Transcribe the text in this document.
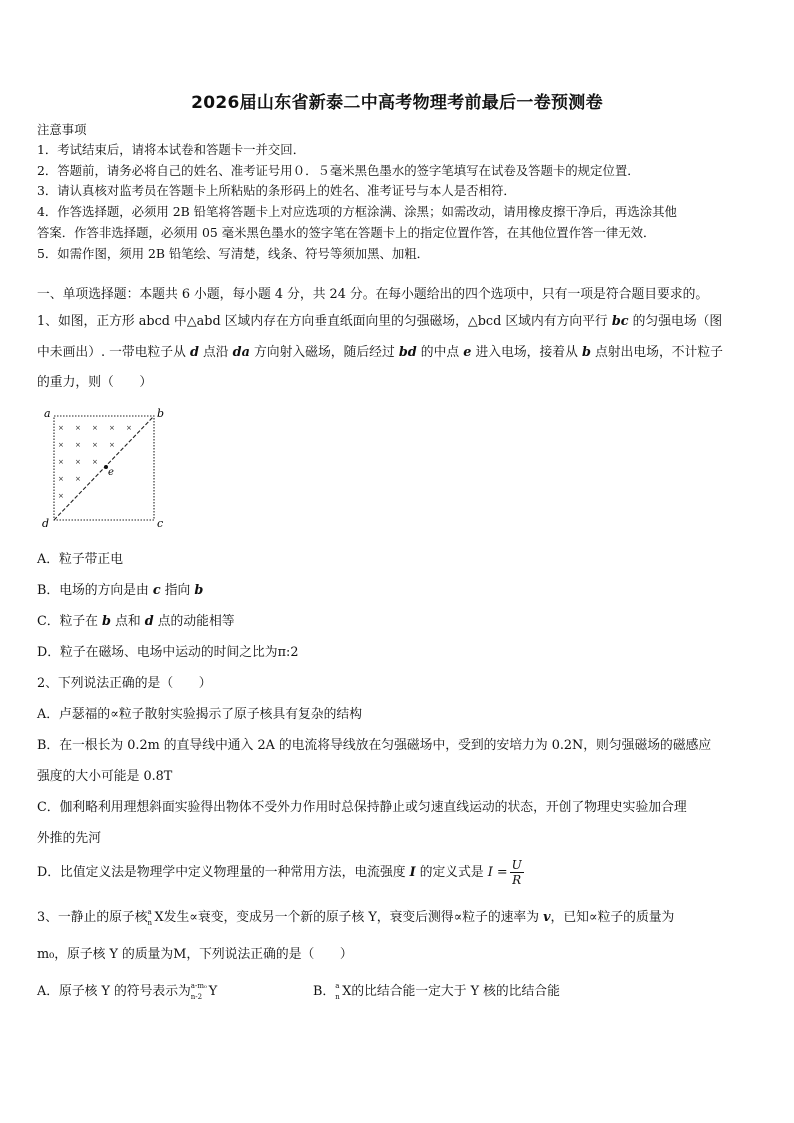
2026届山东省新泰二中高考物理考前最后一卷预测卷
注意事项
1．考试结束后，请将本试卷和答题卡一并交回．
2．答题前，请务必将自己的姓名、准考证号用０．５毫米黑色墨水的签字笔填写在试卷及答题卡的规定位置．
3．请认真核对监考员在答题卡上所粘贴的条形码上的姓名、准考证号与本人是否相符．
4．作答选择题，必须用 2B 铅笔将答题卡上对应选项的方框涂满、涂黑；如需改动，请用橡皮擦干净后，再选涂其他
答案．作答非选择题，必须用 05 毫米黑色墨水的签字笔在答题卡上的指定位置作答，在其他位置作答一律无效．
5．如需作图，须用 2B 铅笔绘、写清楚，线条、符号等须加黑、加粗．
一、单项选择题：本题共 6 小题，每小题 4 分，共 24 分。在每小题给出的四个选项中，只有一项是符合题目要求的。
1、如图，正方形 abcd 中△abd 区域内存在方向垂直纸面向里的匀强磁场，△bcd 区域内有方向平行 bc 的匀强电场（图
中未画出）. 一带电粒子从 d 点沿 da 方向射入磁场，随后经过 bd 的中点 e 进入电场，接着从 b 点射出电场，不计粒子
的重力，则（　　）
× × × × ×
× × × ×
× × ×
× ×
×
a	b
c
d
e
A．粒子带正电
B．电场的方向是由 c 指向 b
C．粒子在 b 点和 d 点的动能相等
D．粒子在磁场、电场中运动的时间之比为π:2
2、下列说法正确的是（　　）
A．卢瑟福的∝粒子散射实验揭示了原子核具有复杂的结构
B．在一根长为 0.2m 的直导线中通入 2A 的电流将导线放在匀强磁场中，受到的安培力为 0.2N，则匀强磁场的磁感应
强度的大小可能是 0.8T
C．伽利略利用理想斜面实验得出物体不受外力作用时总保持静止或匀速直线运动的状态，开创了物理史实验加合理
外推的先河
D．比值定义法是物理学中定义物理量的一种常用方法，电流强度 I 的定义式是 $I = \frac{U}{R}$
3、一静止的原子核 a
n X发生∝衰变，变成另一个新的原子核 Y，衰变后测得∝粒子的速率为 v，已知∝粒子的质量为
m₀，原子核 Y 的质量为M，下列说法正确的是（　　）
A．原子核 Y 的符号表示为 a-m₀
n-2 Y	B． a
n X的比结合能一定大于 Y 核的比结合能
